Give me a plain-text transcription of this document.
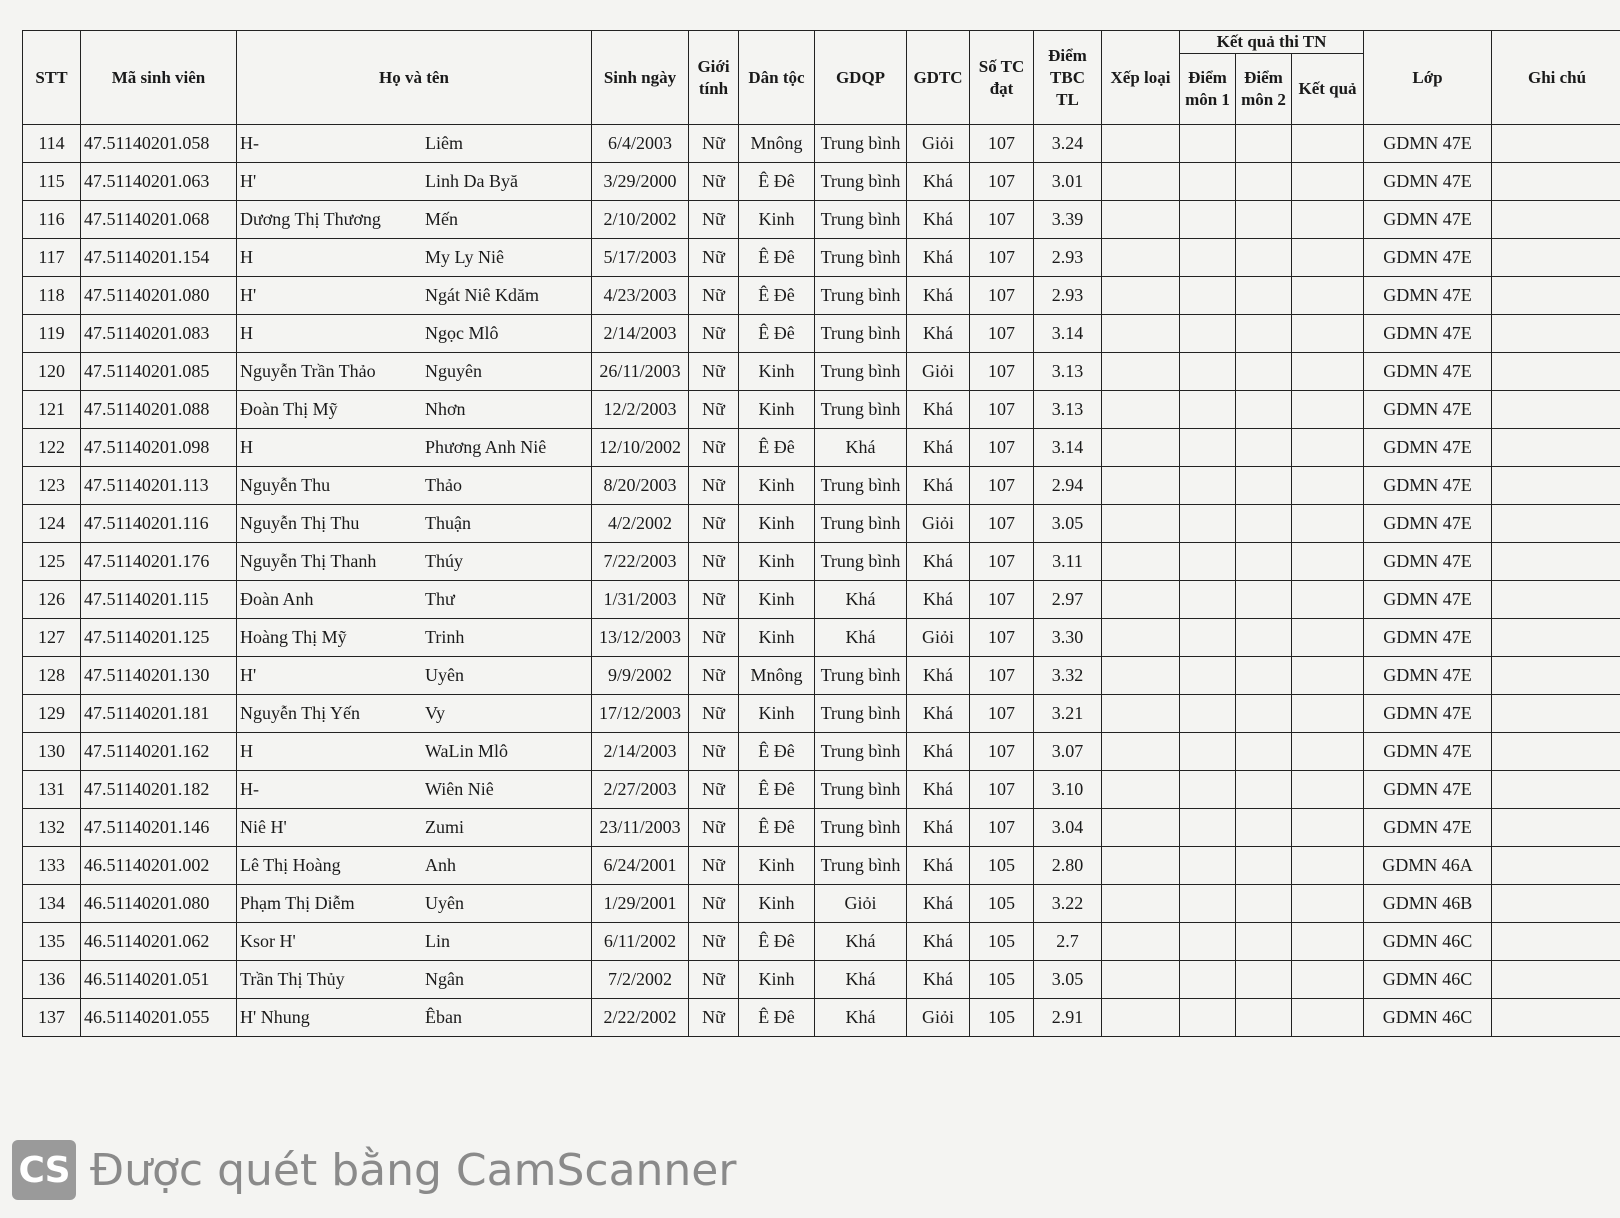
STT	Mã sinh viên	Họ và tên	Sinh ngày	Giới tính	Dân tộc	GDQP	GDTC	Số TC đạt	Điểm TBC TL	Xếp loại	Kết quả thi TN			Lớp	Ghi chú
											Điểm môn 1	Điểm môn 2	Kết quả		
114	47.51140201.058	H- Liêm	6/4/2003	Nữ	Mnông	Trung bình	Giỏi	107	3.24					GDMN 47E	
115	47.51140201.063	H' Linh Da Byă	3/29/2000	Nữ	Ê Đê	Trung bình	Khá	107	3.01					GDMN 47E	
116	47.51140201.068	Dương Thị Thương Mến	2/10/2002	Nữ	Kinh	Trung bình	Khá	107	3.39					GDMN 47E	
117	47.51140201.154	H My Ly Niê	5/17/2003	Nữ	Ê Đê	Trung bình	Khá	107	2.93					GDMN 47E	
118	47.51140201.080	H' Ngát Niê Kdăm	4/23/2003	Nữ	Ê Đê	Trung bình	Khá	107	2.93					GDMN 47E	
119	47.51140201.083	H Ngọc Mlô	2/14/2003	Nữ	Ê Đê	Trung bình	Khá	107	3.14					GDMN 47E	
120	47.51140201.085	Nguyễn Trần Thảo Nguyên	26/11/2003	Nữ	Kinh	Trung bình	Giỏi	107	3.13					GDMN 47E	
121	47.51140201.088	Đoàn Thị Mỹ Nhơn	12/2/2003	Nữ	Kinh	Trung bình	Khá	107	3.13					GDMN 47E	
122	47.51140201.098	H Phương Anh Niê	12/10/2002	Nữ	Ê Đê	Khá	Khá	107	3.14					GDMN 47E	
123	47.51140201.113	Nguyễn Thu Thảo	8/20/2003	Nữ	Kinh	Trung bình	Khá	107	2.94					GDMN 47E	
124	47.51140201.116	Nguyễn Thị Thu Thuận	4/2/2002	Nữ	Kinh	Trung bình	Giỏi	107	3.05					GDMN 47E	
125	47.51140201.176	Nguyễn Thị Thanh Thúy	7/22/2003	Nữ	Kinh	Trung bình	Khá	107	3.11					GDMN 47E	
126	47.51140201.115	Đoàn Anh Thư	1/31/2003	Nữ	Kinh	Khá	Khá	107	2.97					GDMN 47E	
127	47.51140201.125	Hoàng Thị Mỹ Trinh	13/12/2003	Nữ	Kinh	Khá	Giỏi	107	3.30					GDMN 47E	
128	47.51140201.130	H' Uyên	9/9/2002	Nữ	Mnông	Trung bình	Khá	107	3.32					GDMN 47E	
129	47.51140201.181	Nguyễn Thị Yến Vy	17/12/2003	Nữ	Kinh	Trung bình	Khá	107	3.21					GDMN 47E	
130	47.51140201.162	H WaLin Mlô	2/14/2003	Nữ	Ê Đê	Trung bình	Khá	107	3.07					GDMN 47E	
131	47.51140201.182	H- Wiên Niê	2/27/2003	Nữ	Ê Đê	Trung bình	Khá	107	3.10					GDMN 47E	
132	47.51140201.146	Niê H' Zumi	23/11/2003	Nữ	Ê Đê	Trung bình	Khá	107	3.04					GDMN 47E	
133	46.51140201.002	Lê Thị Hoàng Anh	6/24/2001	Nữ	Kinh	Trung bình	Khá	105	2.80					GDMN 46A	
134	46.51140201.080	Phạm Thị Diễm Uyên	1/29/2001	Nữ	Kinh	Giỏi	Khá	105	3.22					GDMN 46B	
135	46.51140201.062	Ksor H' Lin	6/11/2002	Nữ	Ê Đê	Khá	Khá	105	2.7					GDMN 46C	
136	46.51140201.051	Trần Thị Thủy Ngân	7/2/2002	Nữ	Kinh	Khá	Khá	105	3.05					GDMN 46C	
137	46.51140201.055	H' Nhung Êban	2/22/2002	Nữ	Ê Đê	Khá	Giỏi	105	2.91					GDMN 46C	
CS Được quét bằng CamScanner
